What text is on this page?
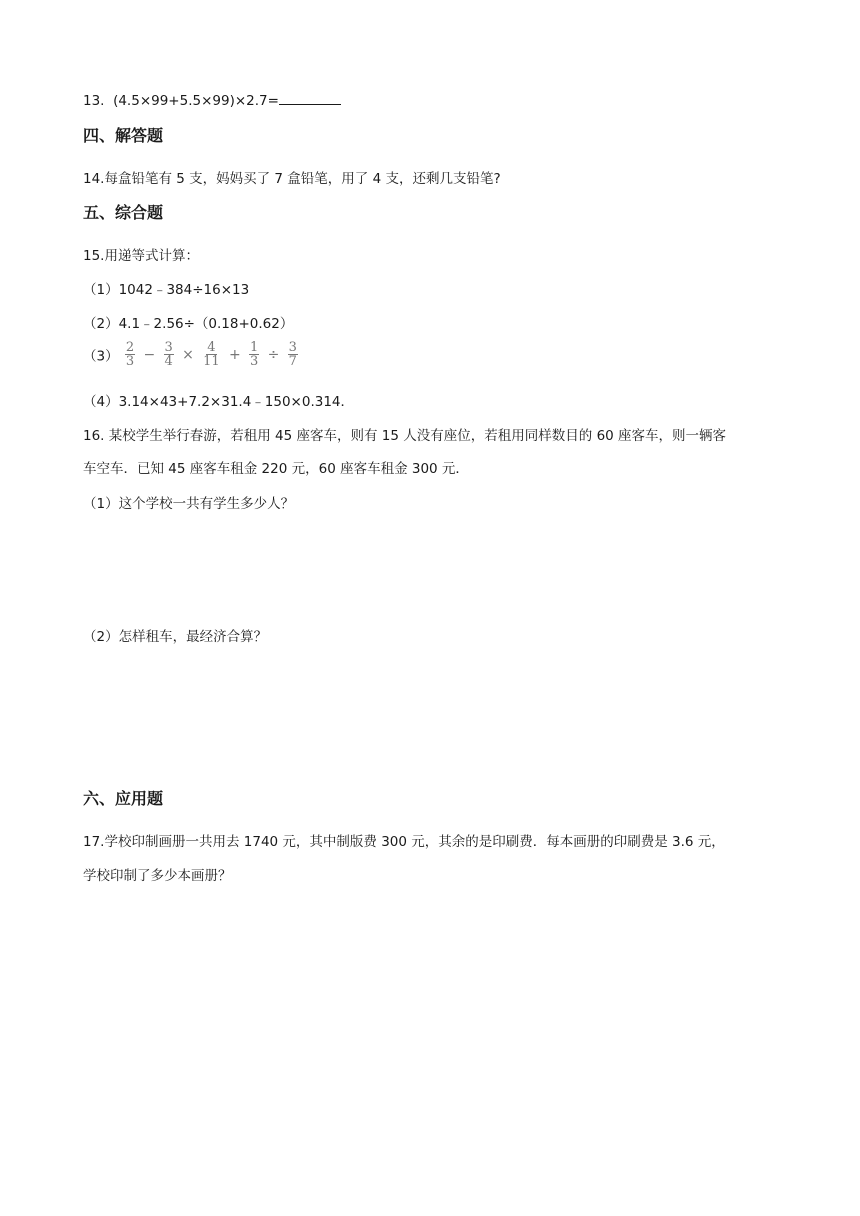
13. (4.5×99+5.5×99)×2.7=
四、解答题
14.每盒铅笔有 5 支，妈妈买了 7 盒铅笔，用了 4 支，还剩几支铅笔?
五、综合题
15.用递等式计算：
（1）1042﹣384÷16×13
（2）4.1﹣2.56÷（0.18+0.62）
$(3) \frac{2}{3} - \frac{3}{4} \times \frac{4}{11} + \frac{1}{3} \div \frac{3}{7}$
（4）3.14×43+7.2×31.4﹣150×0.314．
16. 某校学生举行春游，若租用 45 座客车，则有 15 人没有座位，若租用同样数目的 60 座客车，则一辆客
车空车．已知 45 座客车租金 220 元，60 座客车租金 300 元．
（1）这个学校一共有学生多少人？
（2）怎样租车，最经济合算？
六、应用题
17.学校印制画册一共用去 1740 元，其中制版费 300 元，其余的是印刷费．每本画册的印刷费是 3.6 元，
学校印制了多少本画册？
